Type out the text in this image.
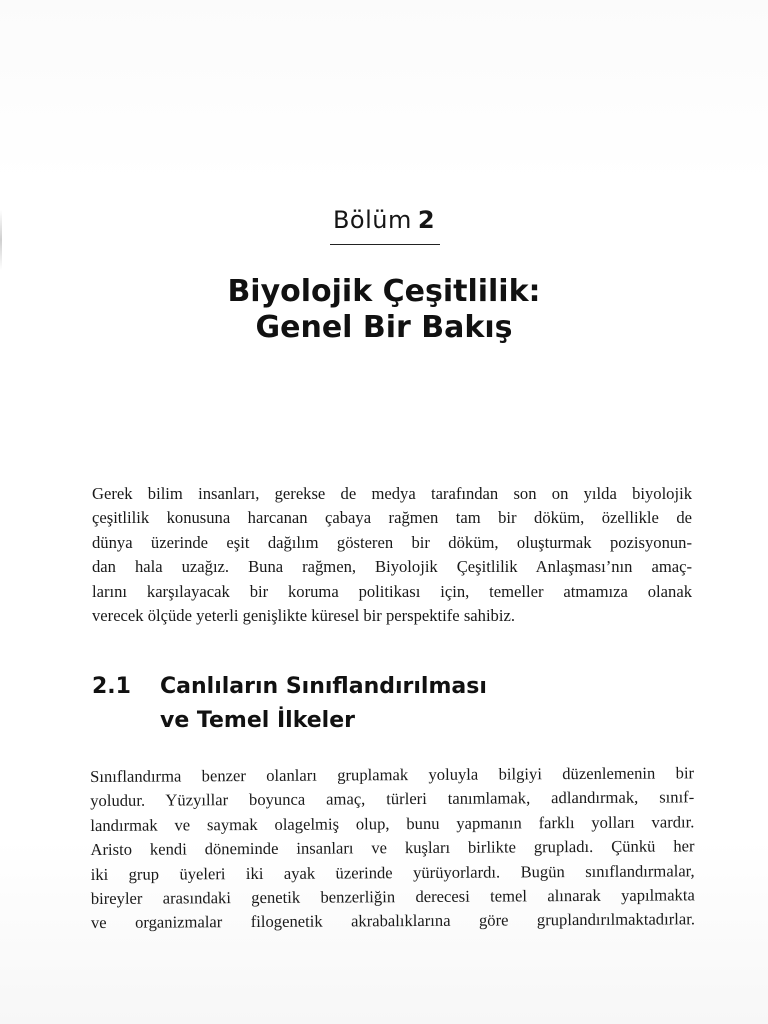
Bölüm 2
Biyolojik Çeşitlilik:
Genel Bir Bakış
Gerek bilim insanları, gerekse de medya tarafından son on yılda biyolojik
çeşitlilik konusuna harcanan çabaya rağmen tam bir döküm, özellikle de
dünya üzerinde eşit dağılım gösteren bir döküm, oluşturmak pozisyonun-
dan hala uzağız. Buna rağmen, Biyolojik Çeşitlilik Anlaşması’nın amaç-
larını karşılayacak bir koruma politikası için, temeller atmamıza olanak
verecek ölçüde yeterli genişlikte küresel bir perspektife sahibiz.
2.1 Canlıların Sınıflandırılması
ve Temel İlkeler
Sınıflandırma benzer olanları gruplamak yoluyla bilgiyi düzenlemenin bir
yoludur. Yüzyıllar boyunca amaç, türleri tanımlamak, adlandırmak, sınıf-
landırmak ve saymak olagelmiş olup, bunu yapmanın farklı yolları vardır.
Aristo kendi döneminde insanları ve kuşları birlikte grupladı. Çünkü her
iki grup üyeleri iki ayak üzerinde yürüyorlardı. Bugün sınıflandırmalar,
bireyler arasındaki genetik benzerliğin derecesi temel alınarak yapılmakta
ve organizmalar filogenetik akrabalıklarına göre gruplandırılmaktadırlar.
